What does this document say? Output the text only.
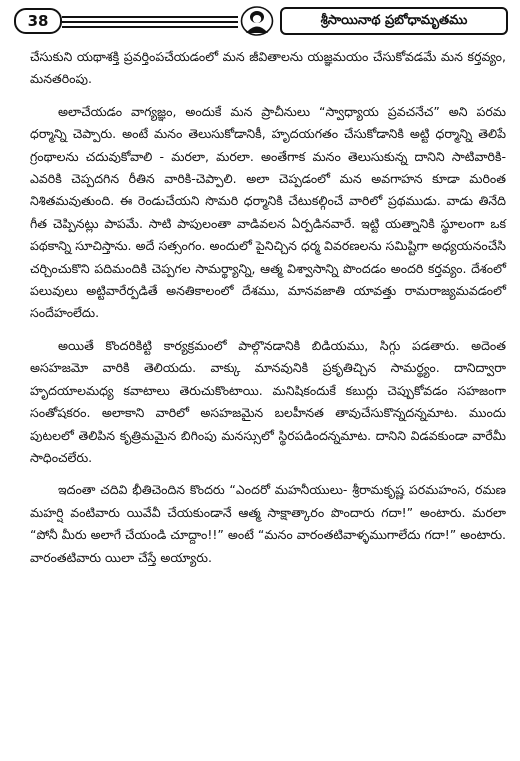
38	శ్రీసాయినాథ ప్రబోధామృతము

చేసుకుని యథాశక్తి ప్రవర్తింపచేయడంలో మన జీవితాలను యజ్ఞమయం చేసుకోవడమే మన కర్తవ్యం, మనతరింపు.

అలాచేయడం వాగ్యజ్ఞం, అందుకే మన ప్రాచీనులు “స్వాధ్యాయ ప్రవచనేచ” అని పరమ ధర్మాన్ని చెప్పారు. అంటే మనం తెలుసుకోడానికీ, హృదయగతం చేసుకోడానికి అట్టి ధర్మాన్ని తెలిపే గ్రంథాలను చదువుకోవాలి - మరలా, మరలా. అంతేగాక మనం తెలుసుకున్న దానిని సాటివారికి-ఎవరికి చెప్పదగిన రీతిన వారికి-చెప్పాలి. అలా చెప్పడంలో మన అవగాహన కూడా మరింత నిశితమవుతుంది. ఈ రెండుచేయని సొమరి ధర్మానికి చేటుకల్గించే వారిలో ప్రథముడు. వాడు తినేది గీత చెప్పినట్లు పాపమే. సాటి పాపులంతా వాడివలన ఏర్పడినవారే. ఇట్టి యత్నానికి స్థూలంగా ఒక పథకాన్ని సూచిస్తాను. అదే సత్సంగం. అందులో పైనిచ్చిన ధర్మ వివరణలను సమిష్టిగా అధ్యయనంచేసి చర్చించుకొని పదిమందికి చెప్పగల సామర్థ్యాన్ని, ఆత్మ విశ్వాసాన్ని పొందడం అందరి కర్తవ్యం. దేశంలో పలువులు అట్టివారేర్పడితే అనతికాలంలో దేశము, మానవజాతి యావత్తు రామరాజ్యమవడంలో సందేహంలేదు.

అయితే కొందరికిట్టి కార్యక్రమంలో పాల్గొనడానికి బిడియము, సిగ్గు పడతారు. అదెంత అసహజమో వారికి తెలియదు. వాక్కు మానవునికి ప్రకృతిచ్చిన సామర్థ్యం. దానిద్వారా హృదయాలమధ్య కవాటాలు తెరుచుకొంటాయి. మనిషికందుకే కబుర్లు చెప్పుకోవడం సహజంగా సంతోషకరం. అలాకాని వారిలో అసహజమైన బలహీనత తావుచేసుకొన్నదన్నమాట. ముందు పుటలలో తెలిపిన కృత్రిమమైన బిగింపు మనస్సులో స్థిరపడిందన్నమాట. దానిని విడవకుండా వారేమీ సాధించలేరు.

ఇదంతా చదివి భీతిచెందిన కొందరు “ఎందరో మహనీయులు- శ్రీరామకృష్ణ పరమహంస, రమణ మహర్షి వంటివారు యివేవీ చేయకుండానే ఆత్మ సాక్షాత్కారం పొందారు గదా!” అంటారు. మరలా “పోనీ మీరు అలాగే చేయండి చూద్దాం!!” అంటే “మనం వారంతటివాళ్ళముగాలేదు గదా!” అంటారు. వారంతటివారు యిలా చేస్తే అయ్యారు.
